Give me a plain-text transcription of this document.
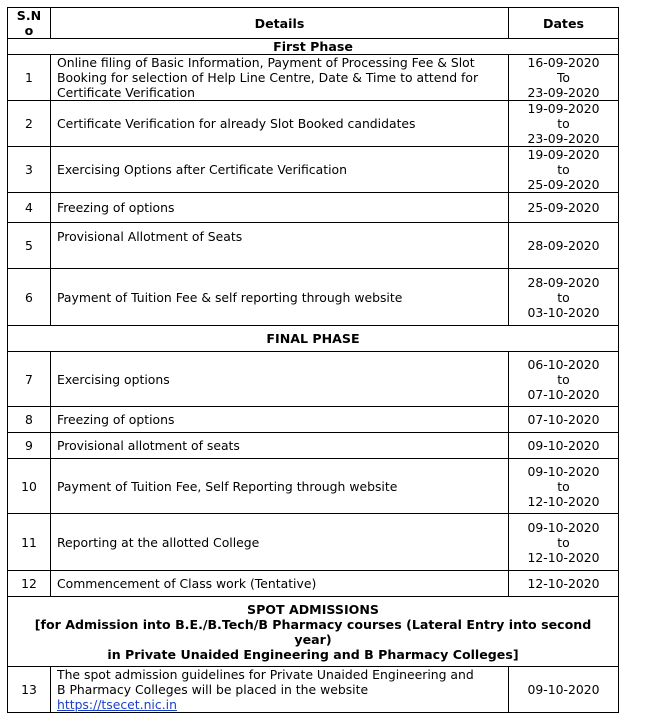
S.N
o	Details	Dates
First Phase		
1	Online filing of Basic Information, Payment of Processing Fee & Slot
Booking for selection of Help Line Centre, Date & Time to attend for
Certificate Verification	16-09-2020
To
23-09-2020

2	Certificate Verification for already Slot Booked candidates	19-09-2020
to
23-09-2020

3	Exercising Options after Certificate Verification	19-09-2020
to
25-09-2020

4	Freezing of options	25-09-2020
5	Provisional Allotment of Seats	28-09-2020
6	Payment of Tuition Fee & self reporting through website	28-09-2020
to
03-10-2020

FINAL PHASE		
7	Exercising options	06-10-2020
to
07-10-2020

8	Freezing of options	07-10-2020
9	Provisional allotment of seats	09-10-2020
10	Payment of Tuition Fee, Self Reporting through website	09-10-2020
to
12-10-2020

11	Reporting at the allotted College	09-10-2020
to
12-10-2020

12	Commencement of Class work (Tentative)	12-10-2020

SPOT ADMISSIONS
[for Admission into B.E./B.Tech/B Pharmacy courses (Lateral Entry into second
year)
in Private Unaided Engineering and B Pharmacy Colleges]		

13	The spot admission guidelines for Private Unaided Engineering and
B Pharmacy Colleges will be placed in the website
https://tsecet.nic.in	09-10-2020
